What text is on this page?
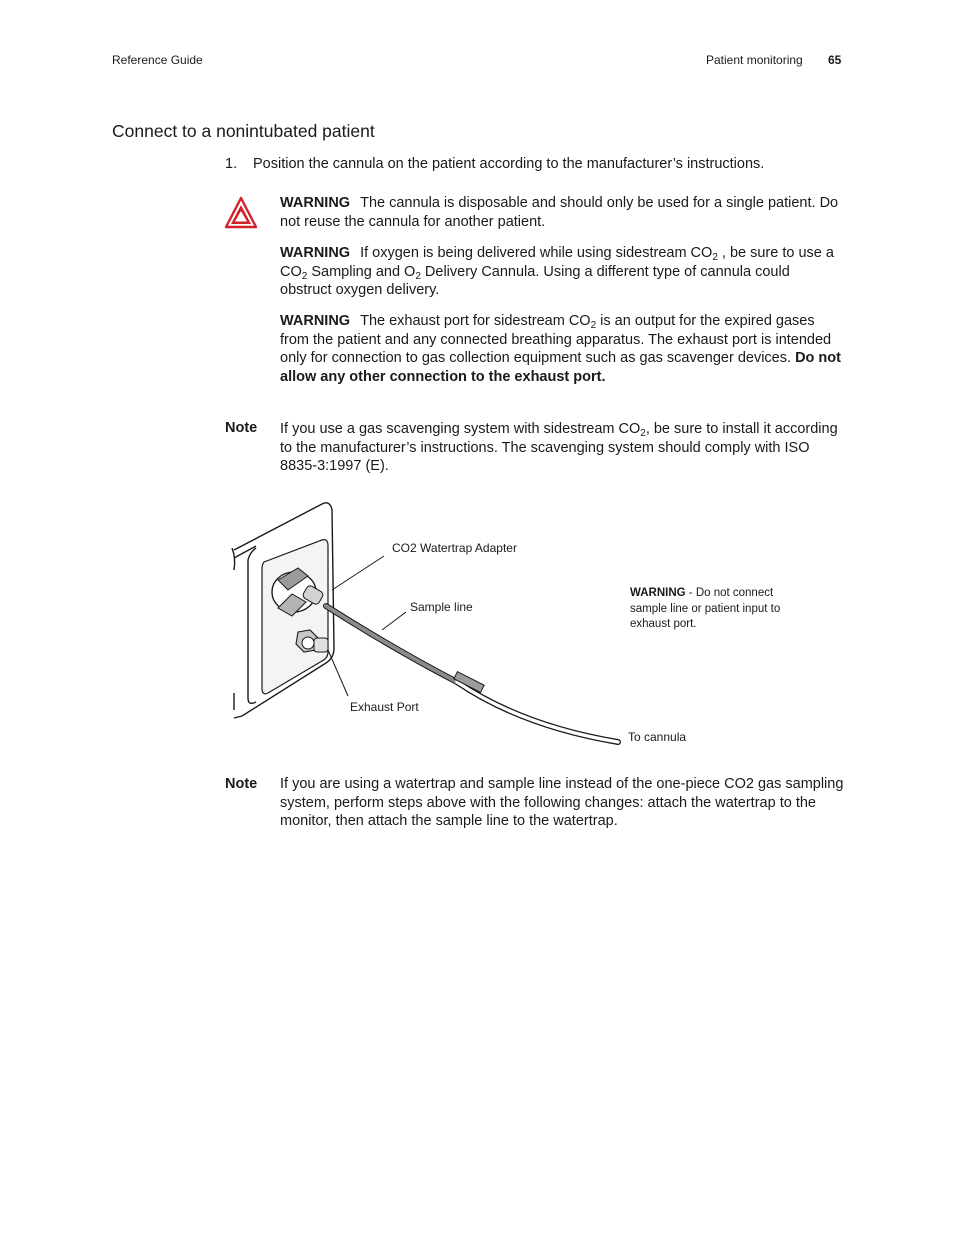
Reference Guide	Patient monitoring 65
Connect to a nonintubated patient
1. Position the cannula on the patient according to the manufacturer’s instructions.
WARNING The cannula is disposable and should only be used for a single patient. Do not reuse the cannula for another patient.
WARNING If oxygen is being delivered while using sidestream $CO_2$ , be sure to use a $CO_2$ Sampling and $O_2$ Delivery Cannula. Using a different type of cannula could obstruct oxygen delivery.
WARNING The exhaust port for sidestream $CO_2$ is an output for the expired gases from the patient and any connected breathing apparatus. The exhaust port is intended only for connection to gas collection equipment such as gas scavenger devices. Do not allow any other connection to the exhaust port.
Note If you use a gas scavenging system with sidestream $CO_2$, be sure to install it according to the manufacturer’s instructions. The scavenging system should comply with ISO 8835-3:1997 (E).
CO2 Watertrap Adapter
Sample line
Exhaust Port
To cannula
WARNING - Do not connect sample line or patient input to exhaust port.
Note If you are using a watertrap and sample line instead of the one-piece CO2 gas sampling system, perform steps above with the following changes: attach the watertrap to the monitor, then attach the sample line to the watertrap.
